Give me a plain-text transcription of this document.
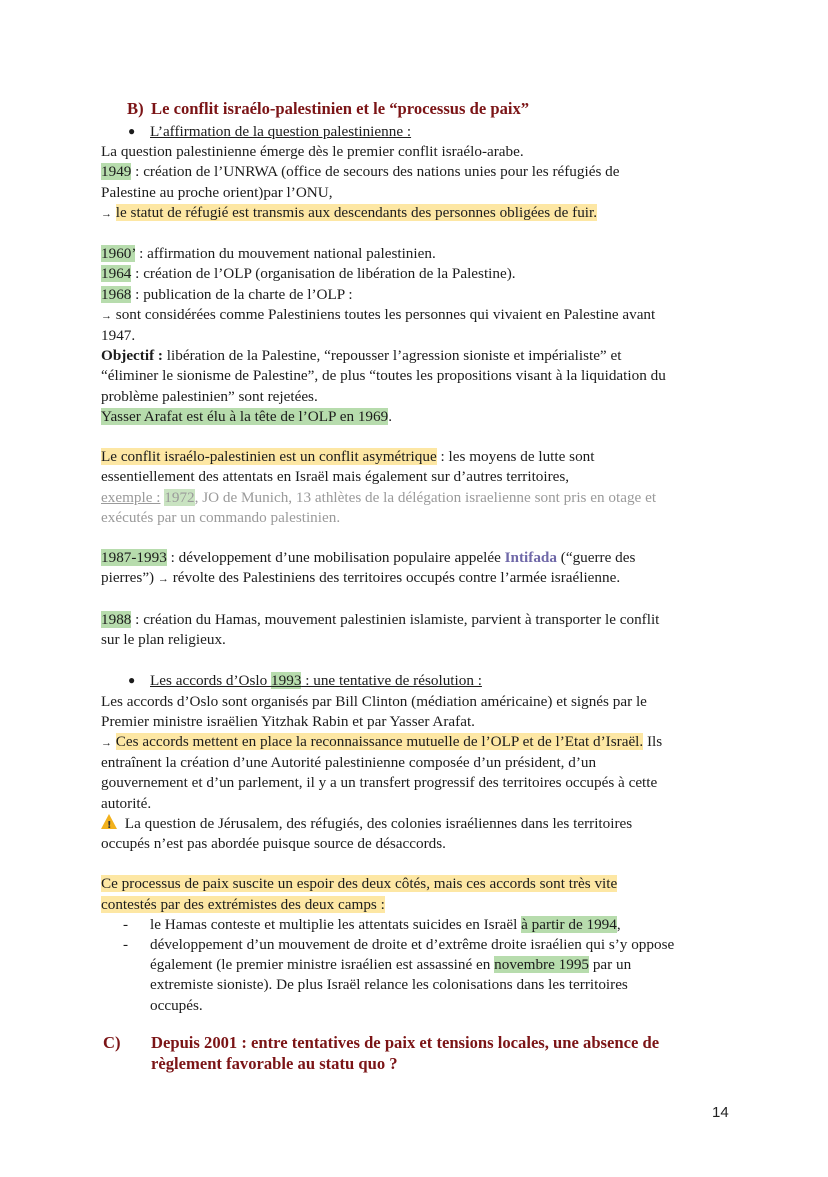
B) Le conflit israélo-palestinien et le “processus de paix”
● L’affirmation de la question palestinienne :
La question palestinienne émerge dès le premier conflit israélo-arabe.
1949 : création de l’UNRWA (office de secours des nations unies pour les réfugiés de
Palestine au proche orient)par l’ONU,
→ le statut de réfugié est transmis aux descendants des personnes obligées de fuir.
1960’ : affirmation du mouvement national palestinien.
1964 : création de l’OLP (organisation de libération de la Palestine).
1968 : publication de la charte de l’OLP :
→ sont considérées comme Palestiniens toutes les personnes qui vivaient en Palestine avant
1947.
Objectif : libération de la Palestine, “repousser l’agression sioniste et impérialiste” et
“éliminer le sionisme de Palestine”, de plus “toutes les propositions visant à la liquidation du
problème palestinien” sont rejetées.
Yasser Arafat est élu à la tête de l’OLP en 1969.
Le conflit israélo-palestinien est un conflit asymétrique : les moyens de lutte sont
essentiellement des attentats en Israël mais également sur d’autres territoires,
exemple : 1972, JO de Munich, 13 athlètes de la délégation israelienne sont pris en otage et
exécutés par un commando palestinien.
1987-1993 : développement d’une mobilisation populaire appelée Intifada (“guerre des
pierres”) → révolte des Palestiniens des territoires occupés contre l’armée israélienne.
1988 : création du Hamas, mouvement palestinien islamiste, parvient à transporter le conflit
sur le plan religieux.
● Les accords d’Oslo 1993 : une tentative de résolution :
Les accords d’Oslo sont organisés par Bill Clinton (médiation américaine) et signés par le
Premier ministre israëlien Yitzhak Rabin et par Yasser Arafat.
→ Ces accords mettent en place la reconnaissance mutuelle de l’OLP et de l’Etat d’Israël. Ils
entraînent la création d’une Autorité palestinienne composée d’un président, d’un
gouvernement et d’un parlement, il y a un transfert progressif des territoires occupés à cette
autorité.
! La question de Jérusalem, des réfugiés, des colonies israéliennes dans les territoires
occupés n’est pas abordée puisque source de désaccords.
Ce processus de paix suscite un espoir des deux côtés, mais ces accords sont très vite
contestés par des extrémistes des deux camps :
- le Hamas conteste et multiplie les attentats suicides en Israël à partir de 1994,
- développement d’un mouvement de droite et d’extrême droite israélien qui s’y oppose
également (le premier ministre israélien est assassiné en novembre 1995 par un
extremiste sioniste). De plus Israël relance les colonisations dans les territoires
occupés.
C) Depuis 2001 : entre tentatives de paix et tensions locales, une absence de
règlement favorable au statu quo ?
14
